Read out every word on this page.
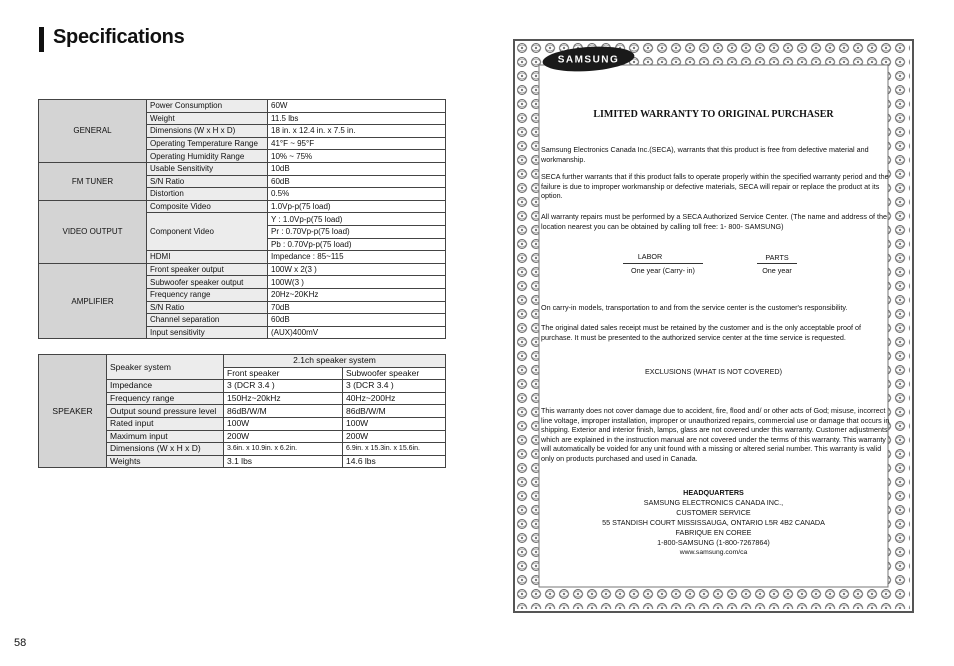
Specifications
GENERAL	Power Consumption	60W
	Weight	11.5 lbs
	Dimensions (W x H x D)	18 in. x 12.4 in. x 7.5 in.
	Operating Temperature Range	41°F ~ 95°F
	Operating Humidity Range	10% ~ 75%
FM TUNER	Usable Sensitivity	10dB
	S/N Ratio	60dB
	Distortion	0.5%
VIDEO OUTPUT	Composite Video	1.0Vp-p(75 load)
	Component Video	Y : 1.0Vp-p(75 load)
		Pr : 0.70Vp-p(75 load)
		Pb : 0.70Vp-p(75 load)
	HDMI	Impedance : 85~115
AMPLIFIER	Front speaker output	100W x 2(3 )
	Subwoofer speaker output	100W(3 )
	Frequency range	20Hz~20KHz
	S/N Ratio	70dB
	Channel separation	60dB
	Input sensitivity	(AUX)400mV
SPEAKER	Speaker system	2.1ch speaker system	
		Front speaker	Subwoofer speaker
	Impedance	3 (DCR 3.4 )	3 (DCR 3.4 )
	Frequency range	150Hz~20kHz	40Hz~200Hz
	Output sound pressure level	86dB/W/M	86dB/W/M
	Rated input	100W	100W
	Maximum input	200W	200W
	Dimensions (W x H x D)	3.6in. x 10.9in. x 6.2in.	6.9in. x 15.3in. x 15.6in.
	Weights	3.1 lbs	14.6 lbs
58
SAMSUNG
LIMITED WARRANTY TO ORIGINAL PURCHASER
Samsung Electronics Canada Inc.(SECA), warrants that this product is free from defective material and workmanship.
SECA further warrants that if this product falls to operate properly within the specified warranty period and the failure is due to improper workmanship or defective materials, SECA will repair or replace the product at its option.
All warranty repairs must be performed by a SECA Authorized Service Center. (The name and address of the location nearest you can be obtained by calling toll free: 1- 800- SAMSUNG)
LABOR
One year (Carry- in)
PARTS
One year
On carry-in models, transportation to and from the service center is the customer's responsibility.
The original dated sales receipt must be retained by the customer and is the only acceptable proof of purchase. It must be presented to the authorized service center at the time service is requested.
EXCLUSIONS (WHAT IS NOT COVERED)
This warranty does not cover damage due to accident, fire, flood and/ or other acts of God; misuse, incorrect line voltage, improper installation, improper or unauthorized repairs, commercial use or damage that occurs in shipping. Exterior and interior finish, lamps, glass are not covered under this warranty. Customer adjustments which are explained in the instruction manual are not covered under the terms of this warranty. This warranty will automatically be voided for any unit found with a missing or altered serial number. This warranty is valid only on products purchased and used in Canada.
HEADQUARTERS
SAMSUNG ELECTRONICS CANADA INC.,
CUSTOMER SERVICE
55 STANDISH COURT MISSISSAUGA, ONTARIO L5R 4B2 CANADA
FABRIQUE EN COREE
1-800-SAMSUNG (1-800-7267864)
www.samsung.com/ca
